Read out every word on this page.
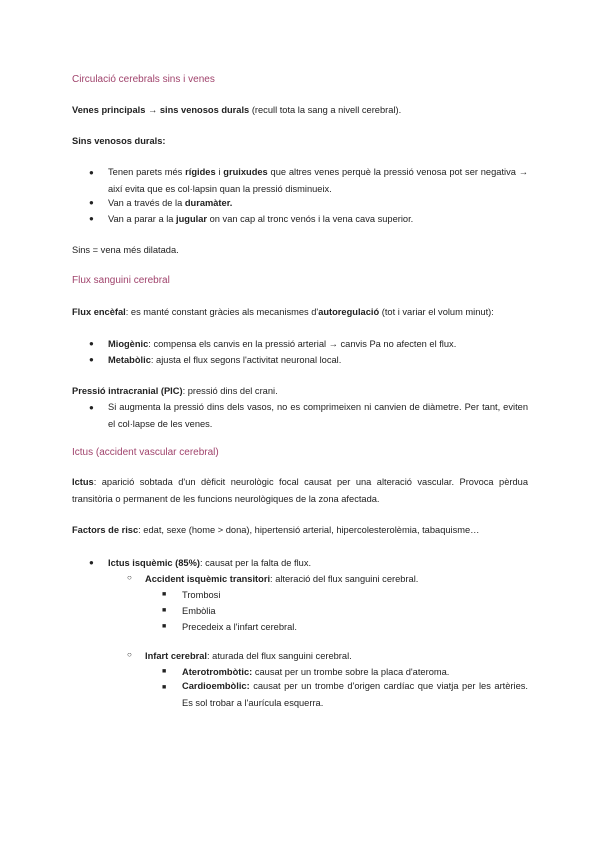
Circulació cerebrals sins i venes
Venes principals → sins venosos durals (recull tota la sang a nivell cerebral).
Sins venosos durals:
● Tenen parets més rígides i gruixudes que altres venes perquè la pressió venosa pot ser negativa → així evita que es col·lapsin quan la pressió disminueix.
● Van a través de la duramàter.
● Van a parar a la jugular on van cap al tronc venós i la vena cava superior.
Sins = vena més dilatada.
Flux sanguini cerebral
Flux encèfal: es manté constant gràcies als mecanismes d'autoregulació (tot i variar el volum minut):
● Miogènic: compensa els canvis en la pressió arterial → canvis Pa no afecten el flux.
● Metabòlic: ajusta el flux segons l'activitat neuronal local.
Pressió intracranial (PIC): pressió dins del crani.
● Si augmenta la pressió dins dels vasos, no es comprimeixen ni canvien de diàmetre. Per tant, eviten el col·lapse de les venes.
Ictus (accident vascular cerebral)
Ictus: aparició sobtada d'un dèficit neurològic focal causat per una alteració vascular. Provoca pèrdua transitòria o permanent de les funcions neurològiques de la zona afectada.
Factors de risc: edat, sexe (home > dona), hipertensió arterial, hipercolesterolèmia, tabaquisme…
● Ictus isquèmic (85%): causat per la falta de flux.
○ Accident isquèmic transitori: alteració del flux sanguini cerebral.
■ Trombosi
■ Embòlia
■ Precedeix a l'infart cerebral.
○ Infart cerebral: aturada del flux sanguini cerebral.
■ Aterotrombòtic: causat per un trombe sobre la placa d'ateroma.
■ Cardioembòlic: causat per un trombe d'origen cardíac que viatja per les artèries. Es sol trobar a l'aurícula esquerra.
